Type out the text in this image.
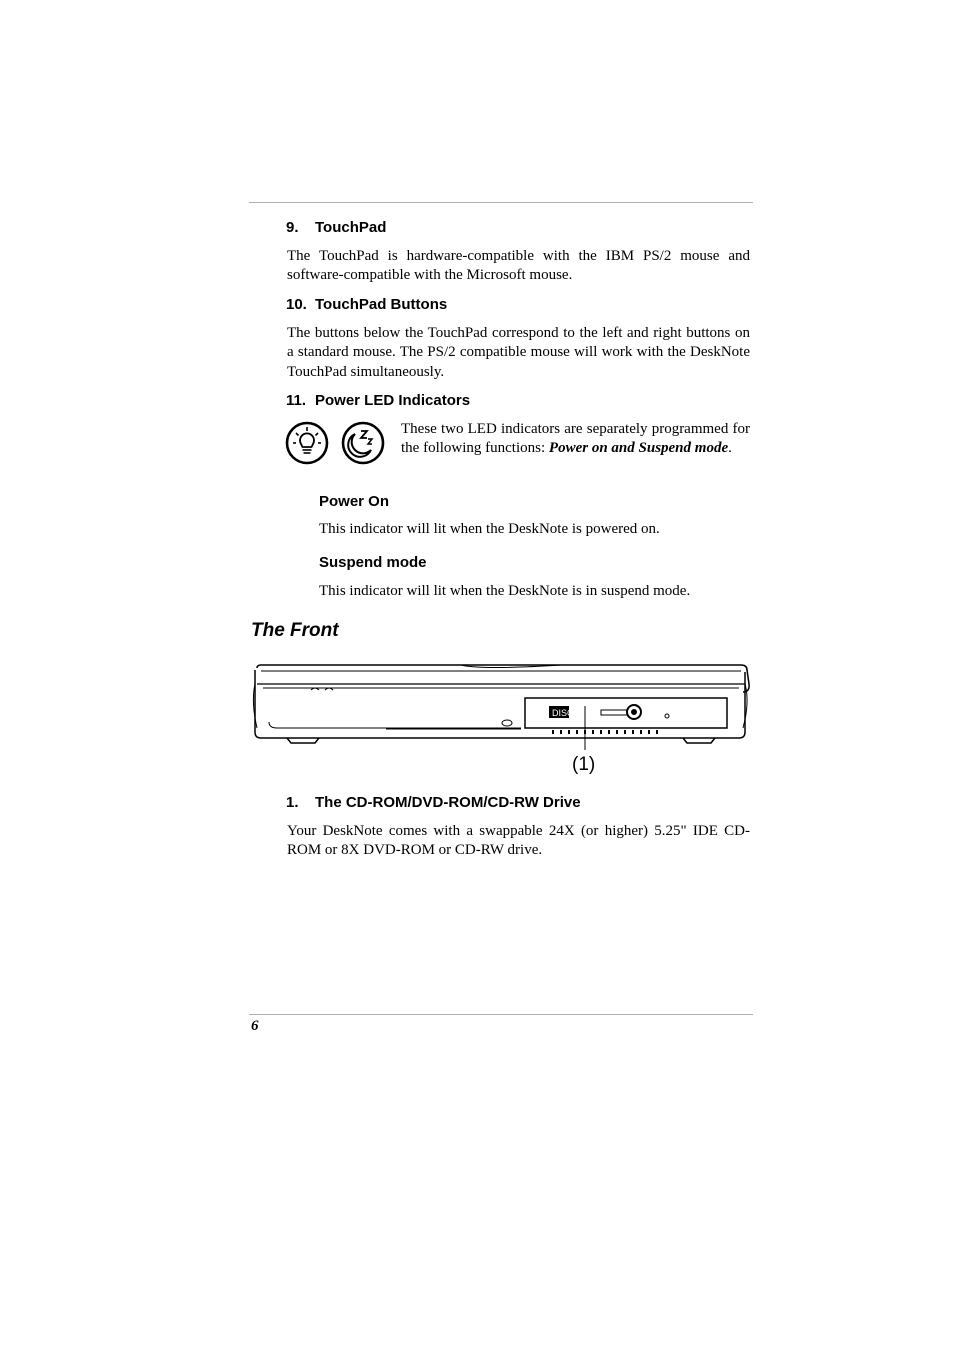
9. TouchPad
The TouchPad is hardware-compatible with the IBM PS/2 mouse and software-compatible with the Microsoft mouse.
10. TouchPad Buttons
The buttons below the TouchPad correspond to the left and right buttons on a standard mouse. The PS/2 compatible mouse will work with the DeskNote TouchPad simultaneously.
11. Power LED Indicators
These two LED indicators are separately programmed for the following functions: Power on and Suspend mode.
Power On
This indicator will lit when the DeskNote is powered on.
Suspend mode
This indicator will lit when the DeskNote is in suspend mode.
The Front
DISC
(1)
1. The CD-ROM/DVD-ROM/CD-RW Drive
Your DeskNote comes with a swappable 24X (or higher) 5.25" IDE CD-ROM or 8X DVD-ROM or CD-RW drive.
6
